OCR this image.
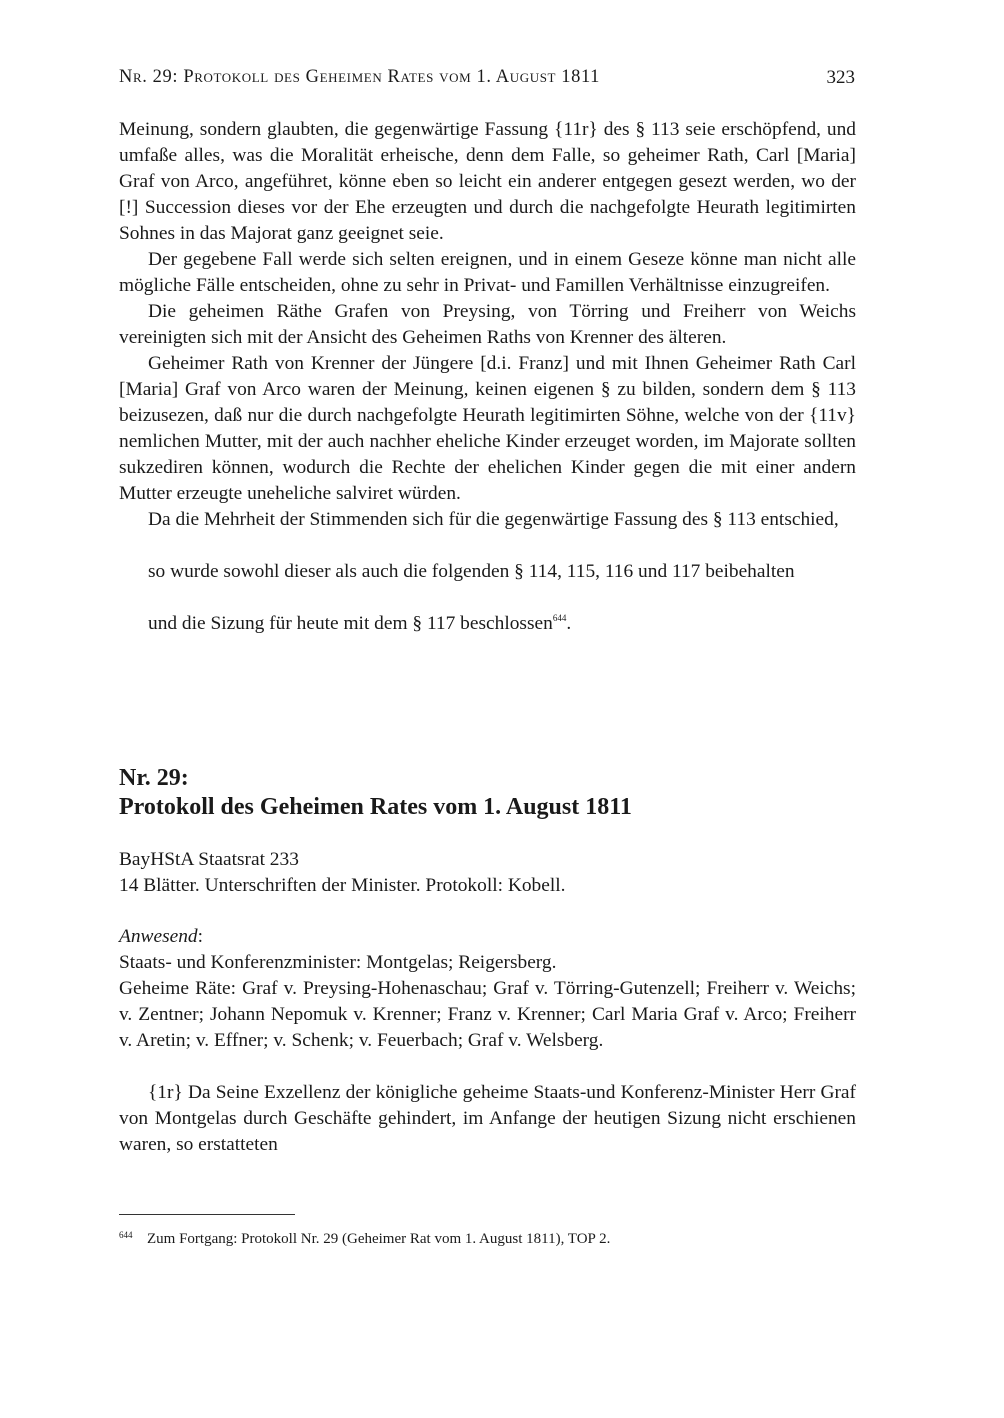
Nr. 29: Protokoll des Geheimen Rates vom 1. August 1811	323

Meinung, sondern glaubten, die gegenwärtige Fassung {11r} des § 113 seie erschöpfend, und umfaße alles, was die Moralität erheische, denn dem Falle, so geheimer Rath, Carl [Maria] Graf von Arco, angeführet, könne eben so leicht ein anderer entgegen gesezt werden, wo der [!] Succession dieses vor der Ehe erzeugten und durch die nachgefolgte Heurath legitimirten Sohnes in das Majorat ganz geeignet seie.

Der gegebene Fall werde sich selten ereignen, und in einem Geseze könne man nicht alle mögliche Fälle entscheiden, ohne zu sehr in Privat- und Famillen Verhältnisse einzugreifen.

Die geheimen Räthe Grafen von Preysing, von Törring und Freiherr von Weichs vereinigten sich mit der Ansicht des Geheimen Raths von Krenner des älteren.

Geheimer Rath von Krenner der Jüngere [d.i. Franz] und mit Ihnen Geheimer Rath Carl [Maria] Graf von Arco waren der Meinung, keinen eigenen § zu bilden, sondern dem § 113 beizusezen, daß nur die durch nachgefolgte Heurath legitimirten Söhne, welche von der {11v} nemlichen Mutter, mit der auch nachher eheliche Kinder erzeuget worden, im Majorate sollten sukzediren können, wodurch die Rechte der ehelichen Kinder gegen die mit einer andern Mutter erzeugte uneheliche salviret würden.

Da die Mehrheit der Stimmenden sich für die gegenwärtige Fassung des § 113 entschied,

so wurde sowohl dieser als auch die folgenden § 114, 115, 116 und 117 beibehalten

und die Sizung für heute mit dem § 117 beschlossen$^{644}$.

Nr. 29:
Protokoll des Geheimen Rates vom 1. August 1811
BayHStA Staatsrat 233
14 Blätter. Unterschriften der Minister. Protokoll: Kobell.

Anwesend:

Staats- und Konferenzminister: Montgelas; Reigersberg.

Geheime Räte: Graf v. Preysing-Hohenaschau; Graf v. Törring-Gutenzell; Freiherr v. Weichs; v. Zentner; Johann Nepomuk v. Krenner; Franz v. Krenner; Carl Maria Graf v. Arco; Freiherr v. Aretin; v. Effner; v. Schenk; v. Feuerbach; Graf v. Welsberg.

{1r} Da Seine Exzellenz der königliche geheime Staats-und Konferenz-Minister Herr Graf von Montgelas durch Geschäfte gehindert, im Anfange der heutigen Sizung nicht erschienen waren, so erstatteten

644 Zum Fortgang: Protokoll Nr. 29 (Geheimer Rat vom 1. August 1811), TOP 2.
